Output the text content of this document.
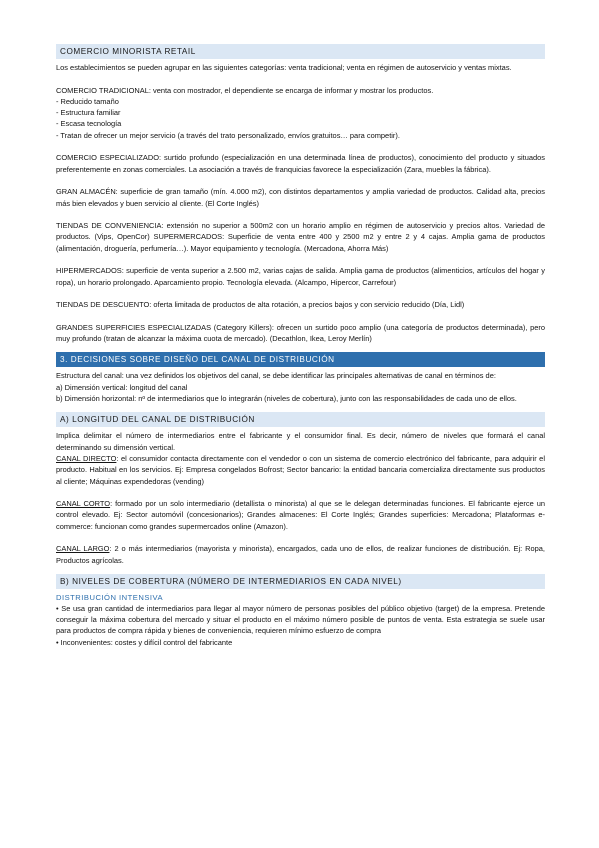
COMERCIO MINORISTA RETAIL

Los establecimientos se pueden agrupar en las siguientes categorías: venta tradicional; venta en régimen de autoservicio y ventas mixtas.

COMERCIO TRADICIONAL: venta con mostrador, el dependiente se encarga de informar y mostrar los productos.

- Reducido tamaño

- Estructura familiar

- Escasa tecnología

- Tratan de ofrecer un mejor servicio (a través del trato personalizado, envíos gratuitos… para competir).

COMERCIO ESPECIALIZADO: surtido profundo (especialización en una determinada línea de productos), conocimiento del producto y situados preferentemente en zonas comerciales. La asociación a través de franquicias favorece la especialización (Zara, muebles la fábrica).

GRAN ALMACÉN: superficie de gran tamaño (mín. 4.000 m2), con distintos departamentos y amplia variedad de productos. Calidad alta, precios más bien elevados y buen servicio al cliente. (El Corte Inglés)

TIENDAS DE CONVENIENCIA: extensión no superior a 500m2 con un horario amplio en régimen de autoservicio y precios altos. Variedad de productos. (Vips, OpenCor) SUPERMERCADOS: Superficie de venta entre 400 y 2500 m2 y entre 2 y 4 cajas. Amplia gama de productos (alimentación, droguería, perfumería…). Mayor equipamiento y tecnología. (Mercadona, Ahorra Más)

HIPERMERCADOS: superficie de venta superior a 2.500 m2, varias cajas de salida. Amplia gama de productos (alimenticios, artículos del hogar y ropa), un horario prolongado. Aparcamiento propio. Tecnología elevada. (Alcampo, Hipercor, Carrefour)

TIENDAS DE DESCUENTO: oferta limitada de productos de alta rotación, a precios bajos y con servicio reducido (Día, Lidl)

GRANDES SUPERFICIES ESPECIALIZADAS (Category Killers): ofrecen un surtido poco amplio (una categoría de productos determinada), pero muy profundo (tratan de alcanzar la máxima cuota de mercado). (Decathlon, Ikea, Leroy Merlín)

3. DECISIONES SOBRE DISEÑO DEL CANAL DE DISTRIBUCIÓN

Estructura del canal: una vez definidos los objetivos del canal, se debe identificar las principales alternativas de canal en términos de:

a) Dimensión vertical: longitud del canal

b) Dimensión horizontal: nº de intermediarios que lo integrarán (niveles de cobertura), junto con las responsabilidades de cada uno de ellos.

A) LONGITUD DEL CANAL DE DISTRIBUCIÓN

Implica delimitar el número de intermediarios entre el fabricante y el consumidor final. Es decir, número de niveles que formará el canal determinando su dimensión vertical.

CANAL DIRECTO: el consumidor contacta directamente con el vendedor o con un sistema de comercio electrónico del fabricante, para adquirir el producto. Habitual en los servicios. Ej: Empresa congelados Bofrost; Sector bancario: la entidad bancaria comercializa directamente sus productos al cliente; Máquinas expendedoras (vending)

CANAL CORTO: formado por un solo intermediario (detallista o minorista) al que se le delegan determinadas funciones. El fabricante ejerce un control elevado. Ej: Sector automóvil (concesionarios); Grandes almacenes: El Corte Inglés; Grandes superficies: Mercadona; Plataformas e-commerce: funcionan como grandes supermercados online (Amazon).

CANAL LARGO: 2 o más intermediarios (mayorista y minorista), encargados, cada uno de ellos, de realizar funciones de distribución. Ej: Ropa, Productos agrícolas.

B) NIVELES DE COBERTURA (NÚMERO DE INTERMEDIARIOS EN CADA NIVEL)
DISTRIBUCIÓN INTENSIVA

• Se usa gran cantidad de intermediarios para llegar al mayor número de personas posibles del público objetivo (target) de la empresa. Pretende conseguir la máxima cobertura del mercado y situar el producto en el máximo número posible de puntos de venta. Esta estrategia se suele usar para productos de compra rápida y bienes de conveniencia, requieren mínimo esfuerzo de compra

• Inconvenientes: costes y difícil control del fabricante
